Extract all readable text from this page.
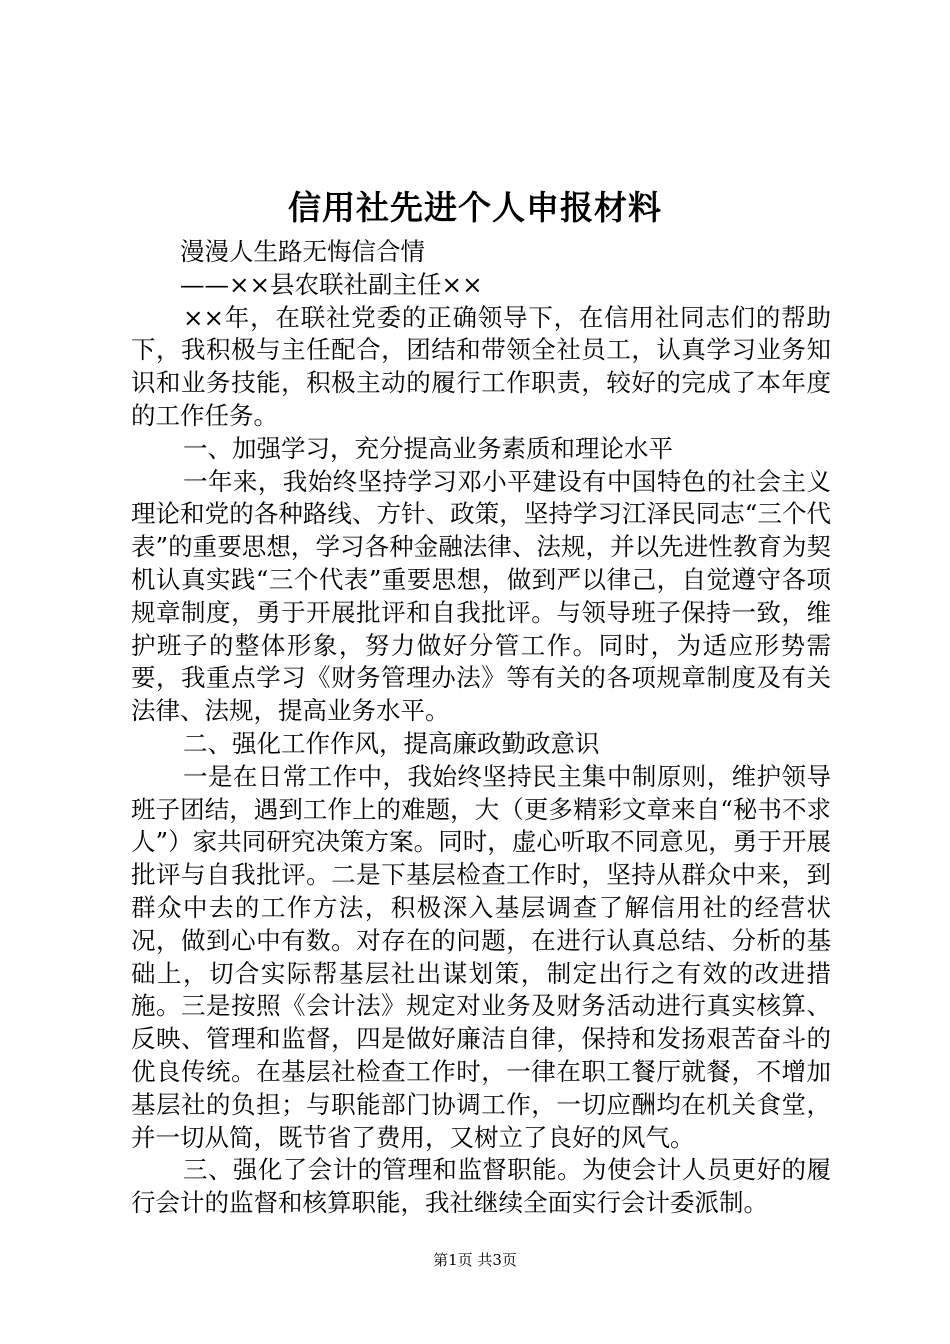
信用社先进个人申报材料

漫漫人生路无悔信合情

——××县农联社副主任××

××年，在联社党委的正确领导下，在信用社同志们的帮助下，我积极与主任配合，团结和带领全社员工，认真学习业务知识和业务技能，积极主动的履行工作职责，较好的完成了本年度的工作任务。

一、加强学习，充分提高业务素质和理论水平

一年来，我始终坚持学习邓小平建设有中国特色的社会主义理论和党的各种路线、方针、政策，坚持学习江泽民同志“三个代表”的重要思想，学习各种金融法律、法规，并以先进性教育为契机认真实践“三个代表”重要思想，做到严以律己，自觉遵守各项规章制度，勇于开展批评和自我批评。与领导班子保持一致，维护班子的整体形象，努力做好分管工作。同时，为适应形势需要，我重点学习《财务管理办法》等有关的各项规章制度及有关法律、法规，提高业务水平。

二、强化工作作风，提高廉政勤政意识

一是在日常工作中，我始终坚持民主集中制原则，维护领导班子团结，遇到工作上的难题，大（更多精彩文章来自“秘书不求人”）家共同研究决策方案。同时，虚心听取不同意见，勇于开展批评与自我批评。二是下基层检查工作时，坚持从群众中来，到群众中去的工作方法，积极深入基层调查了解信用社的经营状况，做到心中有数。对存在的问题，在进行认真总结、分析的基础上，切合实际帮基层社出谋划策，制定出行之有效的改进措施。三是按照《会计法》规定对业务及财务活动进行真实核算、反映、管理和监督，四是做好廉洁自律，保持和发扬艰苦奋斗的优良传统。在基层社检查工作时，一律在职工餐厅就餐，不增加基层社的负担；与职能部门协调工作，一切应酬均在机关食堂，并一切从简，既节省了费用，又树立了良好的风气。

三、强化了会计的管理和监督职能。为使会计人员更好的履行会计的监督和核算职能，我社继续全面实行会计委派制。

第1页 共3页
